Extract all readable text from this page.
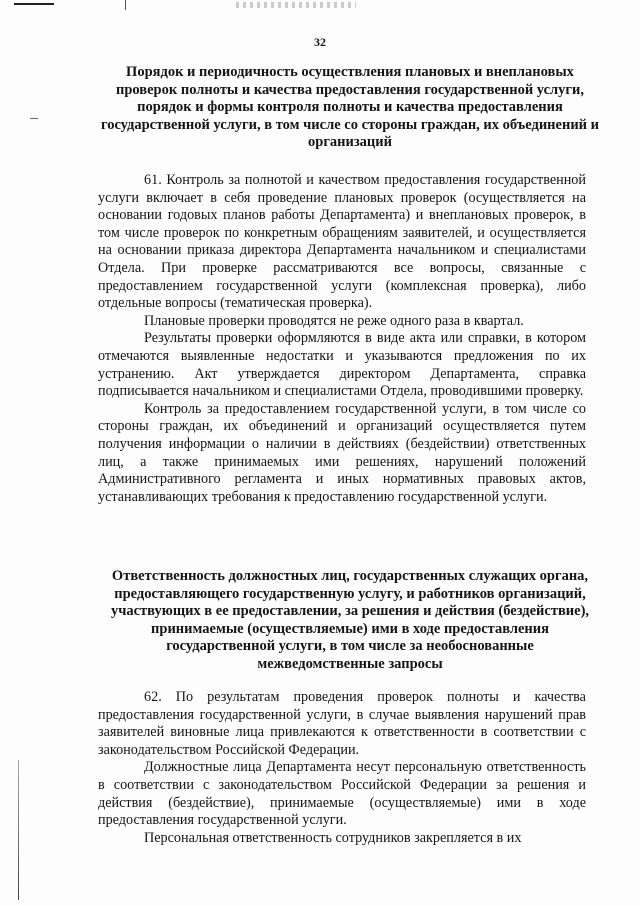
32
Порядок и периодичность осуществления плановых и внеплановых проверок полноты и качества предоставления государственной услуги, порядок и формы контроля полноты и качества предоставления государственной услуги, в том числе со стороны граждан, их объединений и организаций

61. Контроль за полнотой и качеством предоставления государственной услуги включает в себя проведение плановых проверок (осуществляется на основании годовых планов работы Департамента) и внеплановых проверок, в том числе проверок по конкретным обращениям заявителей, и осуществляется на основании приказа директора Департамента начальником и специалистами Отдела. При проверке рассматриваются все вопросы, связанные с предоставлением государственной услуги (комплексная проверка), либо отдельные вопросы (тематическая проверка).

Плановые проверки проводятся не реже одного раза в квартал.

Результаты проверки оформляются в виде акта или справки, в котором отмечаются выявленные недостатки и указываются предложения по их устранению. Акт утверждается директором Департамента, справка подписывается начальником и специалистами Отдела, проводившими проверку.

Контроль за предоставлением государственной услуги, в том числе со стороны граждан, их объединений и организаций осуществляется путем получения информации о наличии в действиях (бездействии) ответственных лиц, а также принимаемых ими решениях, нарушений положений Административного регламента и иных нормативных правовых актов, устанавливающих требования к предоставлению государственной услуги.

Ответственность должностных лиц, государственных служащих органа, предоставляющего государственную услугу, и работников организаций, участвующих в ее предоставлении, за решения и действия (бездействие), принимаемые (осуществляемые) ими в ходе предоставления государственной услуги, в том числе за необоснованные межведомственные запросы

62. По результатам проведения проверок полноты и качества предоставления государственной услуги, в случае выявления нарушений прав заявителей виновные лица привлекаются к ответственности в соответствии с законодательством Российской Федерации.

Должностные лица Департамента несут персональную ответственность в соответствии с законодательством Российской Федерации за решения и действия (бездействие), принимаемые (осуществляемые) ими в ходе предоставления государственной услуги.

Персональная ответственность сотрудников закрепляется в их
